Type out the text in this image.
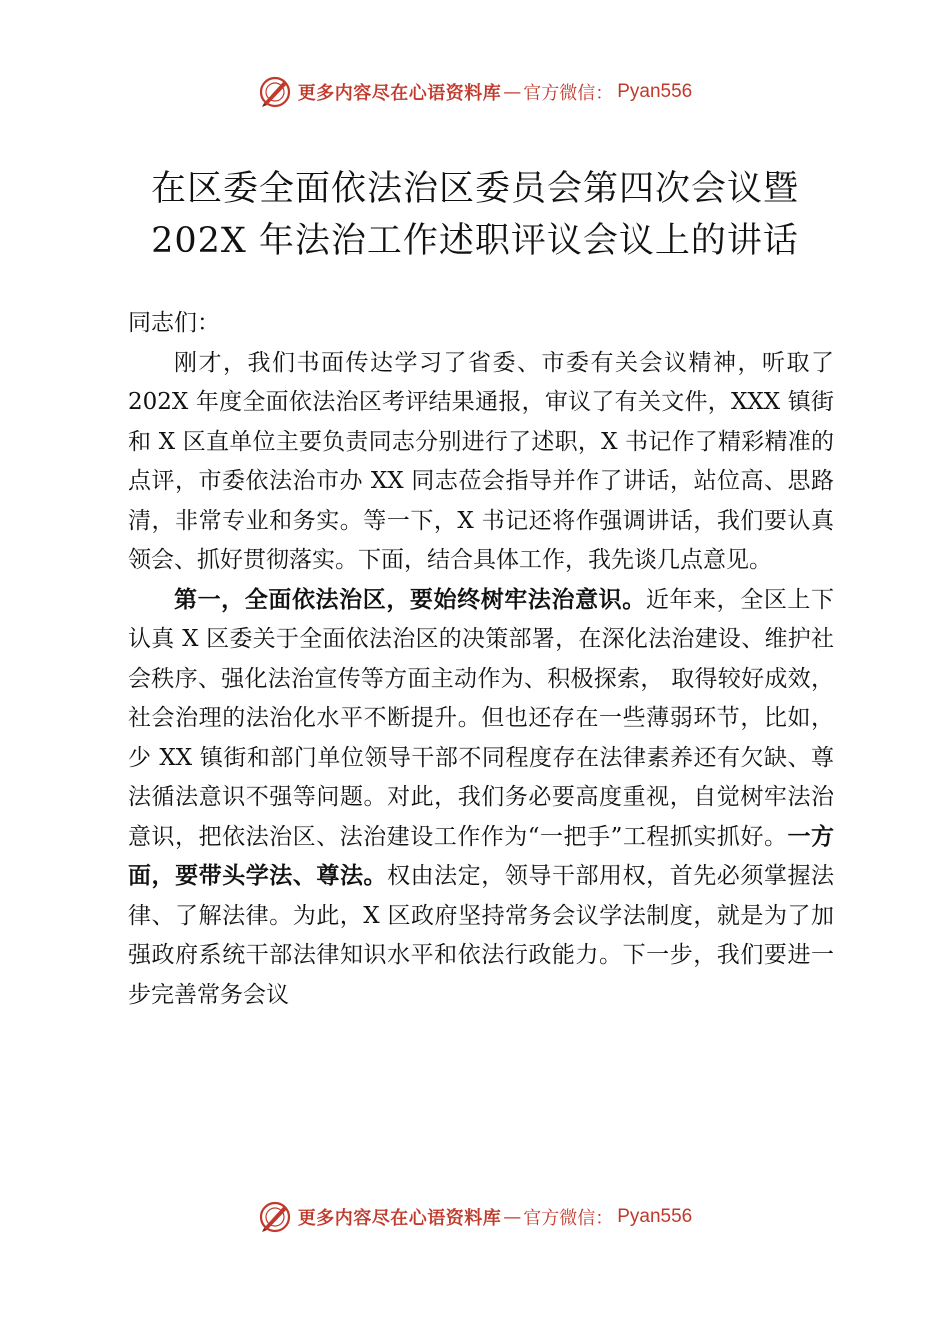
更多内容尽在心语资料库 — 官方微信： Pyan556
在区委全面依法治区委员会第四次会议暨 202X 年法治工作述职评议会议上的讲话

同志们：

刚才，我们书面传达学习了省委、市委有关会议精神，听取了 202X 年度全面依法治区考评结果通报，审议了有关文件，XXX 镇街和 X 区直单位主要负责同志分别进行了述职，X 书记作了精彩精准的点评，市委依法治市办 XX 同志莅会指导并作了讲话，站位高、思路清，非常专业和务实。等一下，X 书记还将作强调讲话，我们要认真领会、抓好贯彻落实。下面，结合具体工作，我先谈几点意见。

第一，全面依法治区，要始终树牢法治意识。近年来，全区上下认真 X 区委关于全面依法治区的决策部署，在深化法治建设、维护社会秩序、强化法治宣传等方面主动作为、积极探索， 取得较好成效，社会治理的法治化水平不断提升。但也还存在一些薄弱环节，比如，少 XX 镇街和部门单位领导干部不同程度存在法律素养还有欠缺、尊法循法意识不强等问题。对此，我们务必要高度重视，自觉树牢法治意识，把依法治区、法治建设工作作为“一把手”工程抓实抓好。一方面，要带头学法、尊法。权由法定，领导干部用权，首先必须掌握法律、了解法律。为此，X 区政府坚持常务会议学法制度，就是为了加强政府系统干部法律知识水平和依法行政能力。下一步，我们要进一步完善常务会议

更多内容尽在心语资料库 — 官方微信： Pyan556
